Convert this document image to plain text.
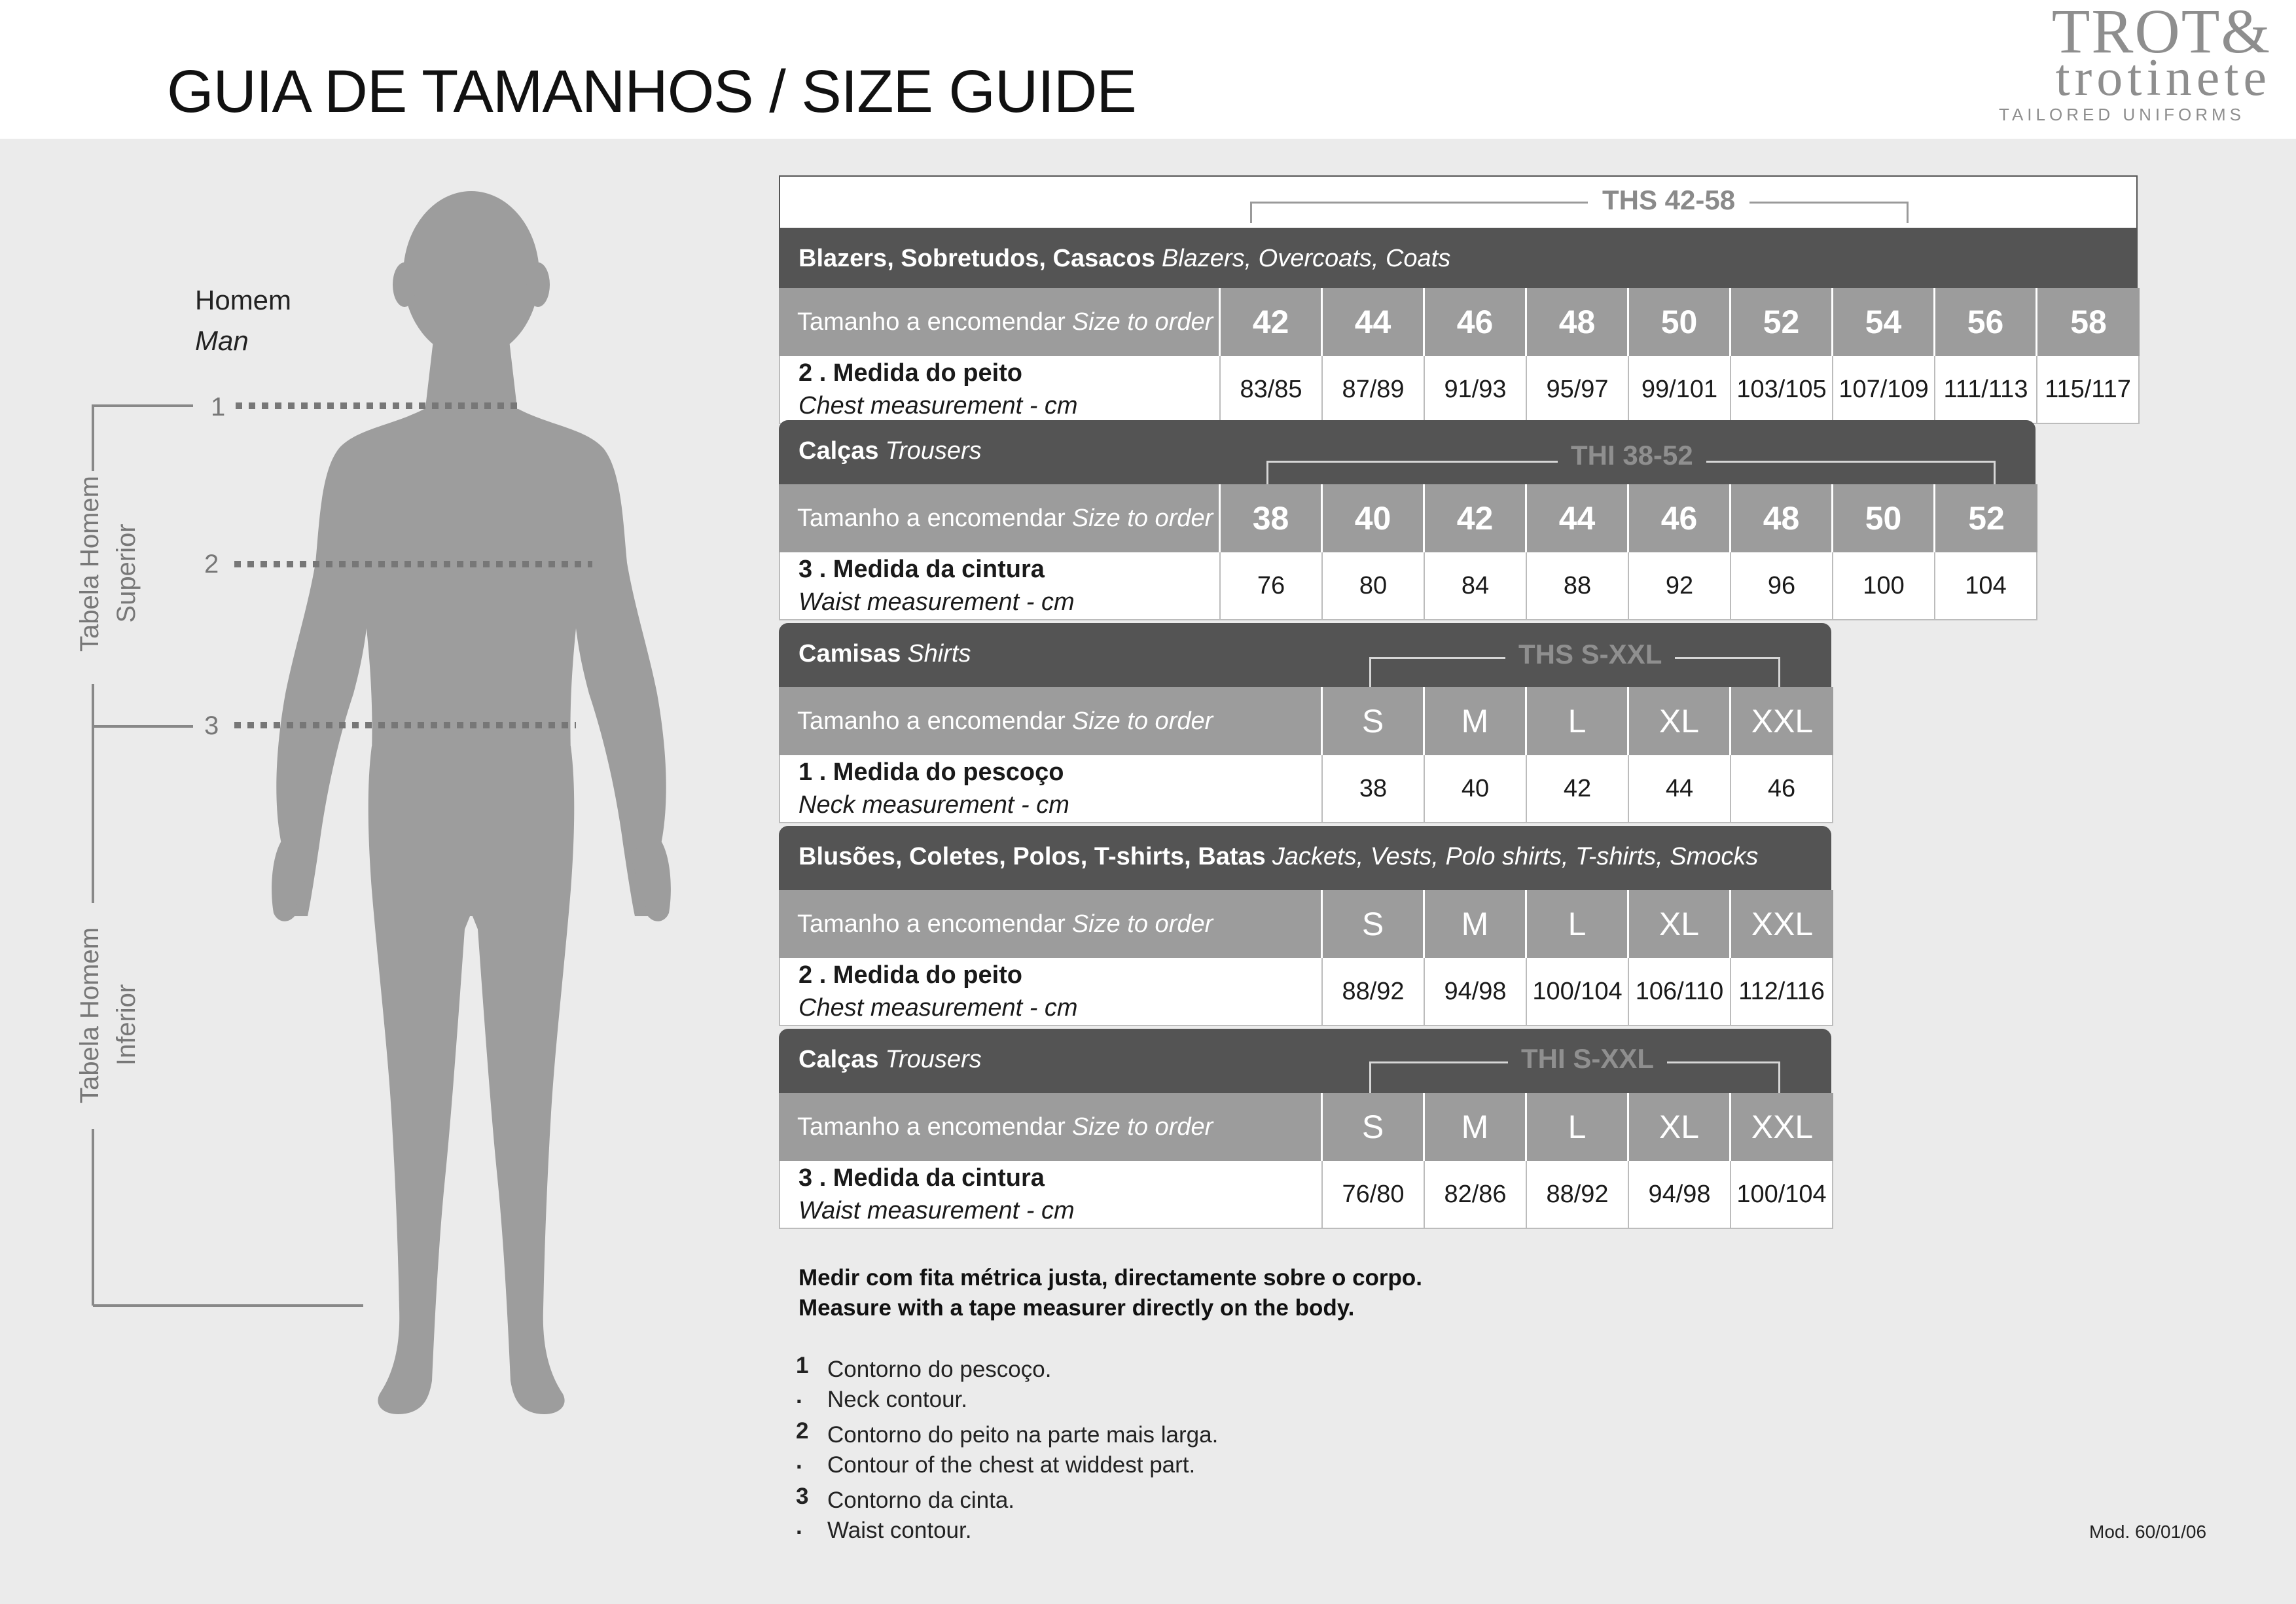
GUIA DE TAMANHOS / SIZE GUIDE
TROT&
trotinete
TAILORED UNIFORMS
Homem
Man
1
2
3
Tabela Homem Superior
Tabela Homem Inferior
THS 42-58
Blazers, Sobretudos, Casacos Blazers, Overcoats, Coats
Tamanho a encomendar Size to order	42	44	46	48	50	52	54	56	58
2 . Medida do peito
Chest measurement - cm
83/85	87/89	91/93	95/97	99/101 103/105 107/109 111/113 115/117
Calças Trousers	THI 38-52
Tamanho a encomendar Size to order	38	40	42	44	46	48	50	52
3 . Medida da cintura
Waist measurement - cm
76	80	84	88	92	96	100	104
Camisas Shirts	THS S-XXL
Tamanho a encomendar Size to order	S	M	L	XL	XXL
1 . Medida do pescoço
Neck measurement - cm
38	40	42	44	46
Blusões, Coletes, Polos, T-shirts, Batas Jackets, Vests, Polo shirts, T-shirts, Smocks
Tamanho a encomendar Size to order	S	M	L	XL	XXL
2 . Medida do peito
Chest measurement - cm
88/92	94/98	100/104 106/110 112/116
Calças Trousers	THI S-XXL
Tamanho a encomendar Size to order	S	M	L	XL	XXL
3 . Medida da cintura
Waist measurement - cm
76/80	82/86	88/92	94/98	100/104
Medir com fita métrica justa, directamente sobre o corpo.
Measure with a tape measurer directly on the body.
1 .
Contorno do pescoço.
Neck contour.
2 .
Contorno do peito na parte mais larga.
Contour of the chest at widdest part.
3 .
Contorno da cinta.
Waist contour.	Mod. 60/01/06
